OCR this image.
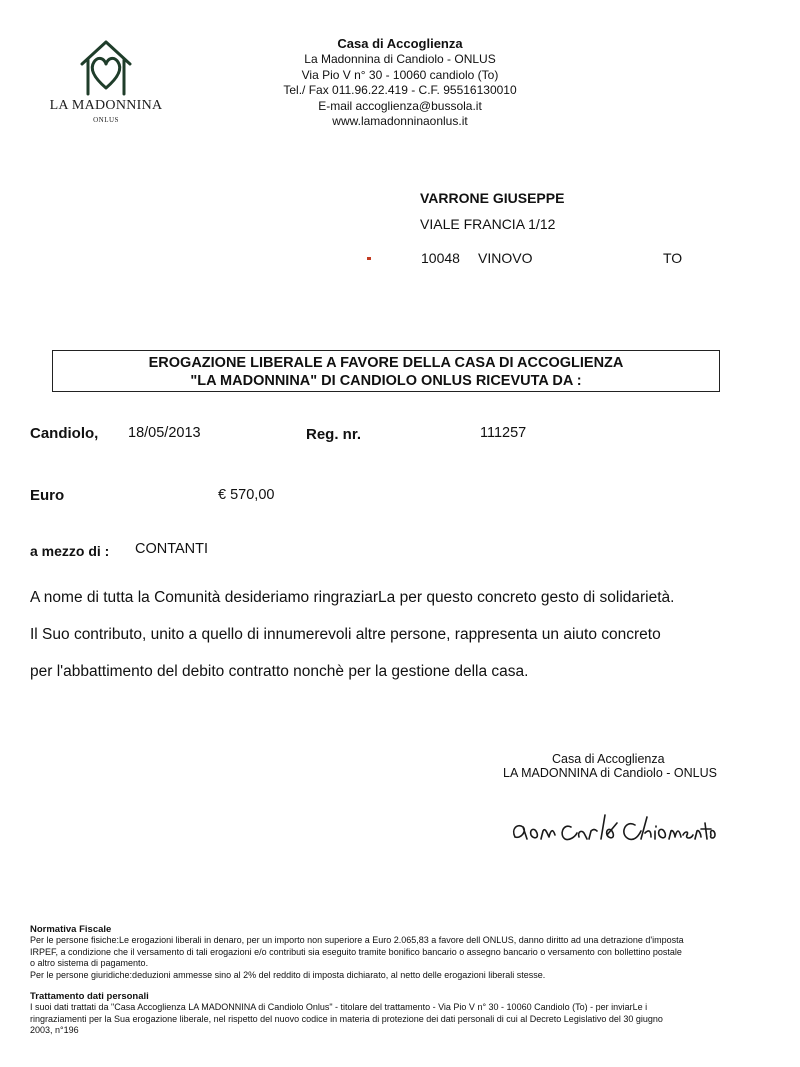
LA MADONNINA
ONLUS
Casa di Accoglienza
La Madonnina di Candiolo - ONLUS
Via Pio V n° 30 - 10060 candiolo (To)
Tel./ Fax 011.96.22.419 - C.F. 95516130010
E-mail accoglienza@bussola.it
www.lamadonninaonlus.it
VARRONE GIUSEPPE
VIALE FRANCIA 1/12
10048 VINOVO	TO
EROGAZIONE LIBERALE A FAVORE DELLA CASA DI ACCOGLIENZA
"LA MADONNINA" DI CANDIOLO ONLUS RICEVUTA DA :
Candiolo, 18/05/2013	Reg. nr.	111257
Euro	€ 570,00
a mezzo di : CONTANTI
A nome di tutta la Comunità desideriamo ringraziarLa per questo concreto gesto di solidarietà.
Il Suo contributo, unito a quello di innumerevoli altre persone, rappresenta un aiuto concreto
per l'abbattimento del debito contratto nonchè per la gestione della casa.
Casa di Accoglienza
LA MADONNINA di Candiolo - ONLUS
Normativa Fiscale
Per le persone fisiche:Le erogazioni liberali in denaro, per un importo non superiore a Euro 2.065,83 a favore dell ONLUS, danno diritto ad una detrazione d'imposta
IRPEF, a condizione che il versamento di tali erogazioni e/o contributi sia eseguito tramite bonifico bancario o assegno bancario o versamento con bollettino postale
o altro sistema di pagamento.
Per le persone giuridiche:deduzioni ammesse sino al 2% del reddito di imposta dichiarato, al netto delle erogazioni liberali stesse.
Trattamento dati personali
I suoi dati trattati da "Casa Accoglienza LA MADONNINA di Candiolo Onlus" - titolare del trattamento - Via Pio V n° 30 - 10060 Candiolo (To) - per inviarLe i
ringraziamenti per la Sua erogazione liberale, nel rispetto del nuovo codice in materia di protezione dei dati personali di cui al Decreto Legislativo del 30 giugno
2003, n°196
